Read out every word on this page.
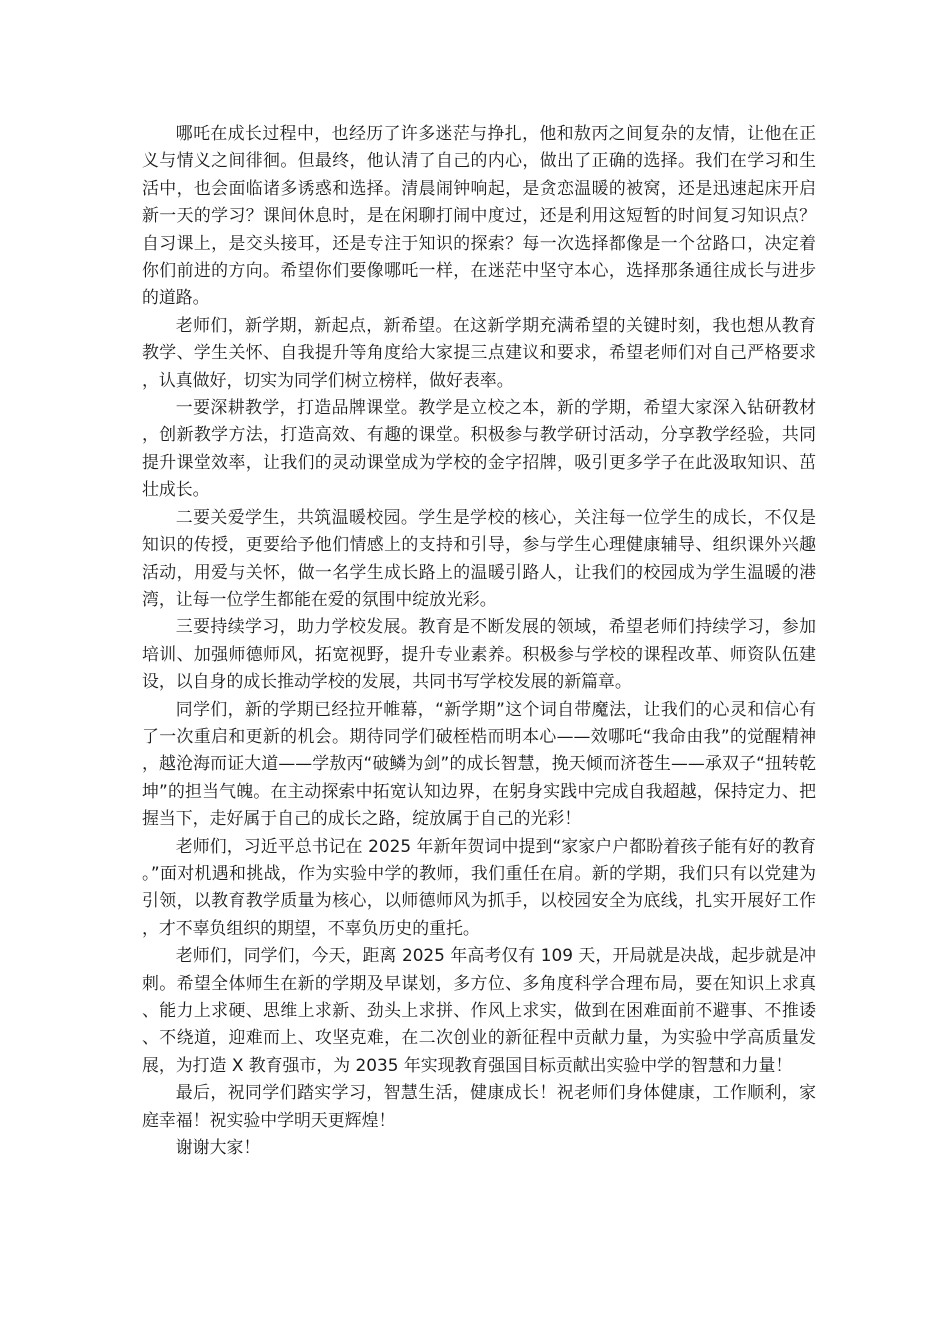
哪吒在成长过程中，也经历了许多迷茫与挣扎，他和敖丙之间复杂的友情，让他在正义与情义之间徘徊。但最终，他认清了自己的内心，做出了正确的选择。我们在学习和生活中，也会面临诸多诱惑和选择。清晨闹钟响起，是贪恋温暖的被窝，还是迅速起床开启新一天的学习？课间休息时，是在闲聊打闹中度过，还是利用这短暂的时间复习知识点？自习课上，是交头接耳，还是专注于知识的探索？每一次选择都像是一个岔路口，决定着你们前进的方向。希望你们要像哪吒一样，在迷茫中坚守本心，选择那条通往成长与进步的道路。

老师们，新学期，新起点，新希望。在这新学期充满希望的关键时刻，我也想从教育教学、学生关怀、自我提升等角度给大家提三点建议和要求，希望老师们对自己严格要求，认真做好，切实为同学们树立榜样，做好表率。

一要深耕教学，打造品牌课堂。教学是立校之本，新的学期，希望大家深入钻研教材，创新教学方法，打造高效、有趣的课堂。积极参与教学研讨活动，分享教学经验，共同提升课堂效率，让我们的灵动课堂成为学校的金字招牌，吸引更多学子在此汲取知识、茁壮成长。

二要关爱学生，共筑温暖校园。学生是学校的核心，关注每一位学生的成长，不仅是知识的传授，更要给予他们情感上的支持和引导，参与学生心理健康辅导、组织课外兴趣活动，用爱与关怀，做一名学生成长路上的温暖引路人，让我们的校园成为学生温暖的港湾，让每一位学生都能在爱的氛围中绽放光彩。

三要持续学习，助力学校发展。教育是不断发展的领域，希望老师们持续学习，参加培训、加强师德师风，拓宽视野，提升专业素养。积极参与学校的课程改革、师资队伍建设，以自身的成长推动学校的发展，共同书写学校发展的新篇章。

同学们，新的学期已经拉开帷幕，“新学期”这个词自带魔法，让我们的心灵和信心有了一次重启和更新的机会。期待同学们破桎梏而明本心——效哪吒“我命由我”的觉醒精神，越沧海而证大道——学敖丙“破鳞为剑”的成长智慧，挽天倾而济苍生——承双子“扭转乾坤”的担当气魄。在主动探索中拓宽认知边界，在躬身实践中完成自我超越，保持定力、把握当下，走好属于自己的成长之路，绽放属于自己的光彩！

老师们，习近平总书记在 2025 年新年贺词中提到“家家户户都盼着孩子能有好的教育。”面对机遇和挑战，作为实验中学的教师，我们重任在肩。新的学期，我们只有以党建为引领，以教育教学质量为核心，以师德师风为抓手，以校园安全为底线，扎实开展好工作，才不辜负组织的期望，不辜负历史的重托。

老师们，同学们，今天，距离 2025 年高考仅有 109 天，开局就是决战，起步就是冲刺。希望全体师生在新的学期及早谋划，多方位、多角度科学合理布局，要在知识上求真、能力上求硬、思维上求新、劲头上求拼、作风上求实，做到在困难面前不避事、不推诿、不绕道，迎难而上、攻坚克难，在二次创业的新征程中贡献力量，为实验中学高质量发展，为打造 X 教育强市，为 2035 年实现教育强国目标贡献出实验中学的智慧和力量！

最后，祝同学们踏实学习，智慧生活，健康成长！祝老师们身体健康，工作顺利，家庭幸福！祝实验中学明天更辉煌！

谢谢大家！
